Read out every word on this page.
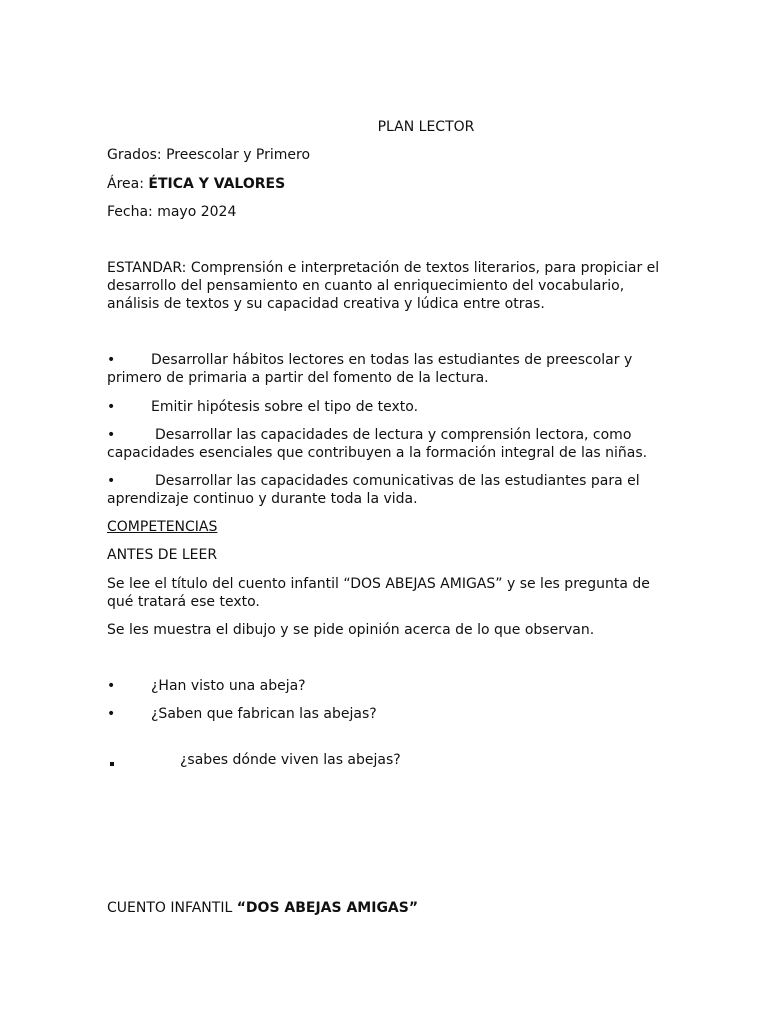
PLAN LECTOR
Grados: Preescolar y Primero
Área: ÉTICA Y VALORES
Fecha: mayo 2024
ESTANDAR: Comprensión e interpretación de textos literarios, para propiciar el desarrollo del pensamiento en cuanto al enriquecimiento del vocabulario, análisis de textos y su capacidad creativa y lúdica entre otras.
•	Desarrollar hábitos lectores en todas las estudiantes de preescolar y primero de primaria a partir del fomento de la lectura.
•	Emitir hipótesis sobre el tipo de texto.
•	Desarrollar las capacidades de lectura y comprensión lectora, como capacidades esenciales que contribuyen a la formación integral de las niñas.
•	Desarrollar las capacidades comunicativas de las estudiantes para el aprendizaje continuo y durante toda la vida.
COMPETENCIAS
ANTES DE LEER
Se lee el título del cuento infantil “DOS ABEJAS AMIGAS” y se les pregunta de qué tratará ese texto.
Se les muestra el dibujo y se pide opinión acerca de lo que observan.
•	¿Han visto una abeja?
•	¿Saben que fabrican las abejas?
¿sabes dónde viven las abejas?
CUENTO INFANTIL “DOS ABEJAS AMIGAS”
